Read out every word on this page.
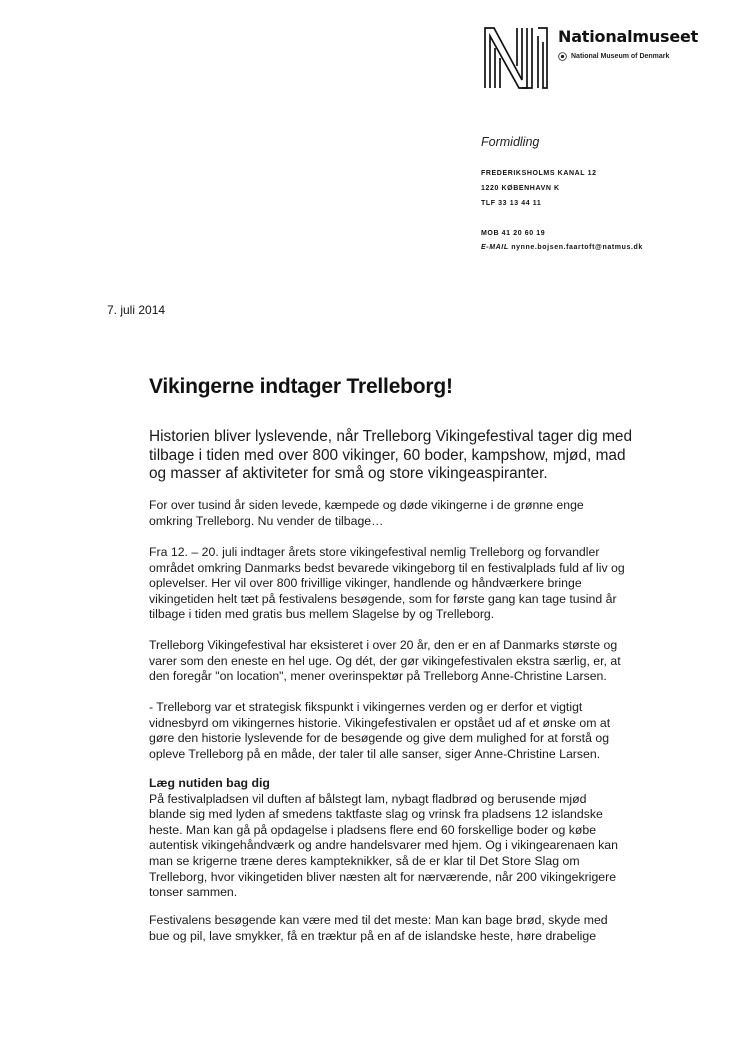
Nationalmuseet
National Museum of Denmark
Formidling
FREDERIKSHOLMS KANAL 12
1220 KØBENHAVN K
TLF 33 13 44 11
MOB 41 20 60 19
E-MAIL nynne.bojsen.faartoft@natmus.dk
7. juli 2014
Vikingerne indtager Trelleborg!
Historien bliver lyslevende, når Trelleborg Vikingefestival tager dig med
tilbage i tiden med over 800 vikinger, 60 boder, kampshow, mjød, mad
og masser af aktiviteter for små og store vikingeaspiranter.
For over tusind år siden levede, kæmpede og døde vikingerne i de grønne enge
omkring Trelleborg. Nu vender de tilbage…
Fra 12. – 20. juli indtager årets store vikingefestival nemlig Trelleborg og forvandler
området omkring Danmarks bedst bevarede vikingeborg til en festivalplads fuld af liv og
oplevelser. Her vil over 800 frivillige vikinger, handlende og håndværkere bringe
vikingetiden helt tæt på festivalens besøgende, som for første gang kan tage tusind år
tilbage i tiden med gratis bus mellem Slagelse by og Trelleborg.
Trelleborg Vikingefestival har eksisteret i over 20 år, den er en af Danmarks største og
varer som den eneste en hel uge. Og dét, der gør vikingefestivalen ekstra særlig, er, at
den foregår "on location", mener overinspektør på Trelleborg Anne-Christine Larsen.
- Trelleborg var et strategisk fikspunkt i vikingernes verden og er derfor et vigtigt
vidnesbyrd om vikingernes historie. Vikingefestivalen er opstået ud af et ønske om at
gøre den historie lyslevende for de besøgende og give dem mulighed for at forstå og
opleve Trelleborg på en måde, der taler til alle sanser, siger Anne-Christine Larsen.
Læg nutiden bag dig
På festivalpladsen vil duften af bålstegt lam, nybagt fladbrød og berusende mjød
blande sig med lyden af smedens taktfaste slag og vrinsk fra pladsens 12 islandske
heste. Man kan gå på opdagelse i pladsens flere end 60 forskellige boder og købe
autentisk vikingehåndværk og andre handelsvarer med hjem. Og i vikingearenaen kan
man se krigerne træne deres kampteknikker, så de er klar til Det Store Slag om
Trelleborg, hvor vikingetiden bliver næsten alt for nærværende, når 200 vikingekrigere
tonser sammen.
Festivalens besøgende kan være med til det meste: Man kan bage brød, skyde med
bue og pil, lave smykker, få en træktur på en af de islandske heste, høre drabelige
